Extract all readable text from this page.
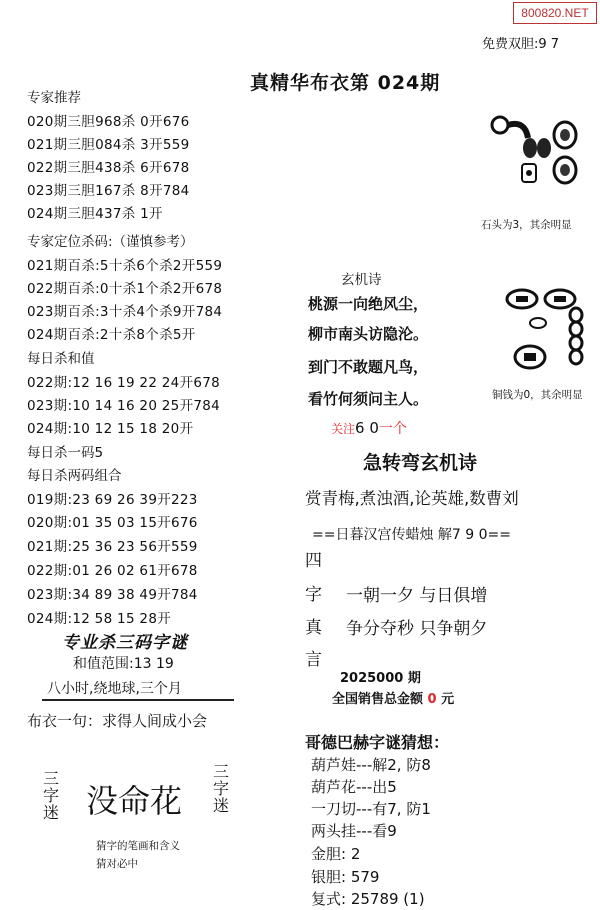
800820.NET
免费双胆:9 7
真精华布衣第 024期
专家推荐
020期三胆968杀 0开676
021期三胆084杀 3开559
022期三胆438杀 6开678
023期三胆167杀 8开784
024期三胆437杀 1开
专家定位杀码:（谨慎参考）
021期百杀:5十杀6个杀2开559
022期百杀:0十杀1个杀2开678
023期百杀:3十杀4个杀9开784
024期百杀:2十杀8个杀5开
每日杀和值
022期:12 16 19 22 24开678
023期:10 14 16 20 25开784
024期:10 12 15 18 20开
每日杀一码5
每日杀两码组合
019期:23 69 26 39开223
020期:01 35 03 15开676
021期:25 36 23 56开559
022期:01 26 02 61开678
023期:34 89 38 49开784
024期:12 58 15 28开
专业杀三码字谜
和值范围:13 19
八小时,绕地球,三个月
布衣一句：求得人间成小会
三字迷 没命花
三字迷
猜字的笔画和含义
猜对必中
石头为3，其余明显
铜钱为0，其余明显
玄机诗
桃源一向绝风尘，
柳市南头访隐沦。
到门不敢题凡鸟，
看竹何须问主人。
关注6 0一个
急转弯玄机诗
赏青梅,煮浊酒,论英雄,数曹刘
==日暮汉宫传蜡烛 解7 9 0==
四
字
真
言
一朝一夕 与日俱增
争分夺秒 只争朝夕
2025000 期
全国销售总金额 0 元
哥德巴赫字谜猜想：
葫芦娃---解2, 防8
葫芦花---出5
一刀切---有7, 防1
两头挂---看9
金胆: 2
银胆: 579
复式: 25789 (1)
